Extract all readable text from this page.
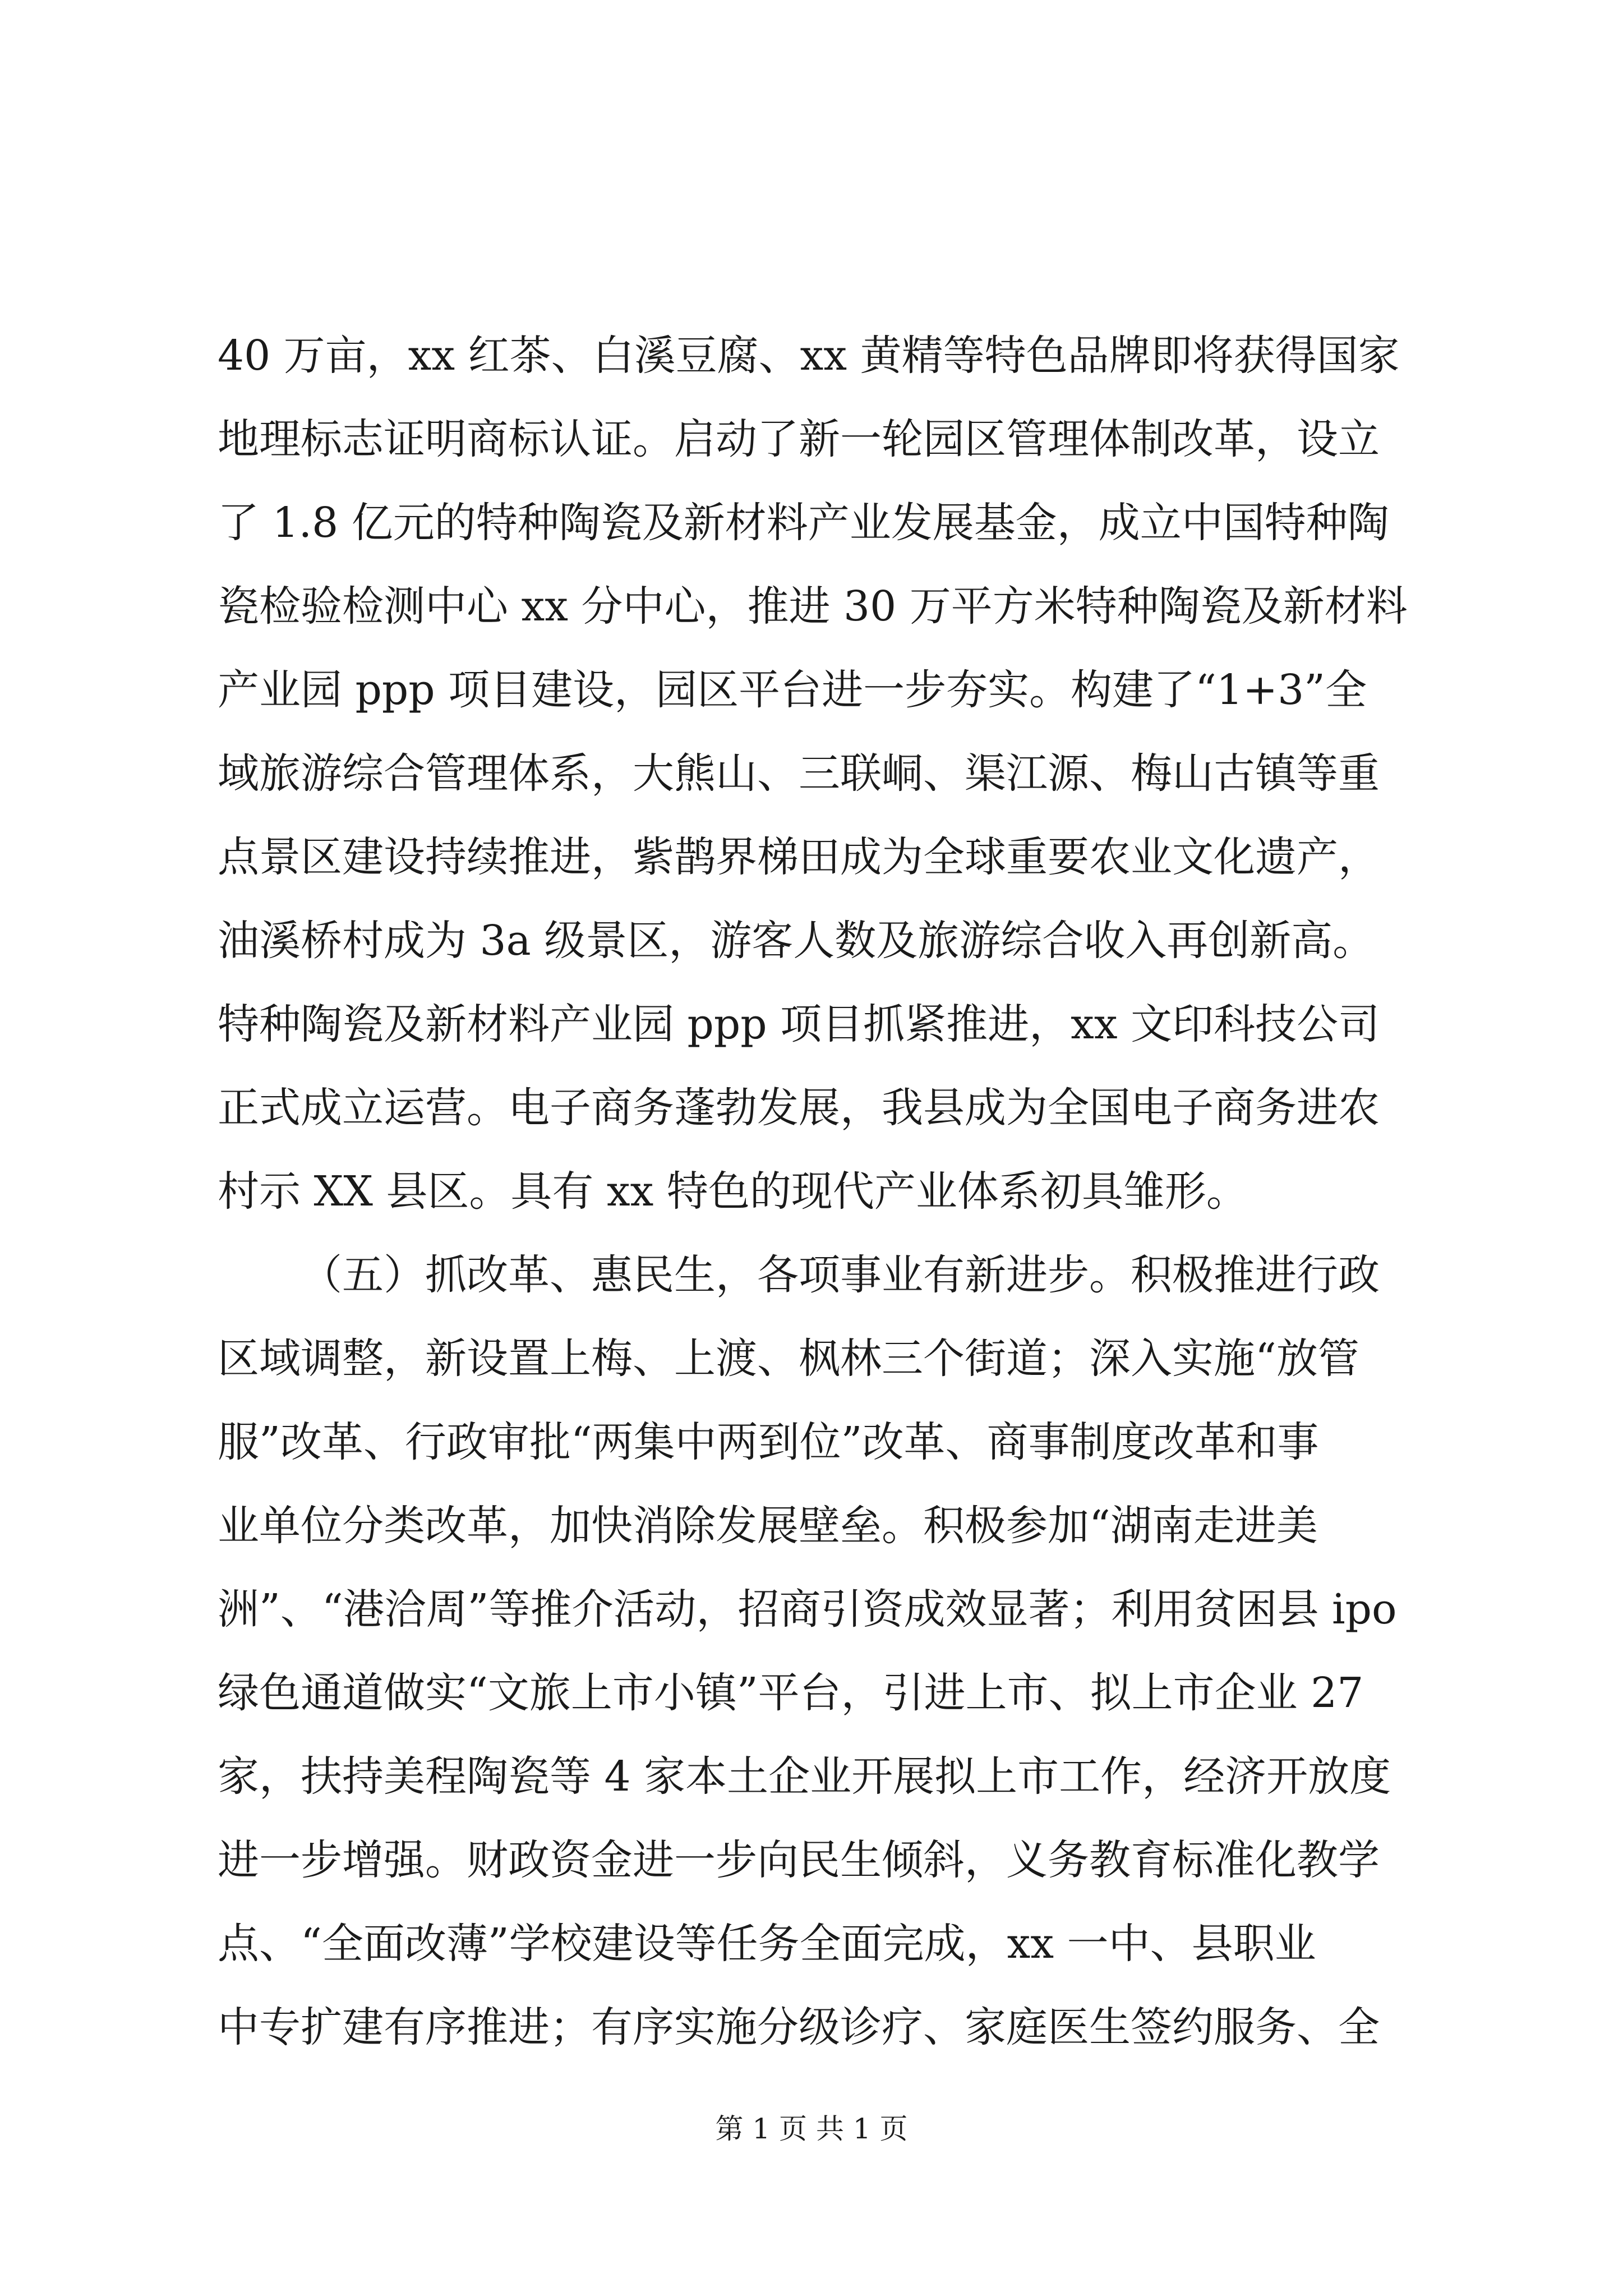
40 万亩，xx 红茶、白溪豆腐、xx 黄精等特色品牌即将获得国家
地理标志证明商标认证。启动了新一轮园区管理体制改革，设立
了 1.8 亿元的特种陶瓷及新材料产业发展基金，成立中国特种陶
瓷检验检测中心 xx 分中心，推进 30 万平方米特种陶瓷及新材料
产业园 ppp 项目建设，园区平台进一步夯实。构建了“1+3”全
域旅游综合管理体系，大熊山、三联峒、渠江源、梅山古镇等重
点景区建设持续推进，紫鹊界梯田成为全球重要农业文化遗产，
油溪桥村成为 3a 级景区，游客人数及旅游综合收入再创新高。
特种陶瓷及新材料产业园 ppp 项目抓紧推进，xx 文印科技公司
正式成立运营。电子商务蓬勃发展，我县成为全国电子商务进农
村示 XX 县区。具有 xx 特色的现代产业体系初具雏形。
（五）抓改革、惠民生，各项事业有新进步。积极推进行政
区域调整，新设置上梅、上渡、枫林三个街道；深入实施“放管
服”改革、行政审批“两集中两到位”改革、商事制度改革和事
业单位分类改革，加快消除发展壁垒。积极参加“湖南走进美
洲”、“港洽周”等推介活动，招商引资成效显著；利用贫困县 ipo
绿色通道做实“文旅上市小镇”平台，引进上市、拟上市企业 27
家，扶持美程陶瓷等 4 家本土企业开展拟上市工作，经济开放度
进一步增强。财政资金进一步向民生倾斜，义务教育标准化教学
点、“全面改薄”学校建设等任务全面完成，xx 一中、县职业
中专扩建有序推进；有序实施分级诊疗、家庭医生签约服务、全
第 1 页 共 1 页
